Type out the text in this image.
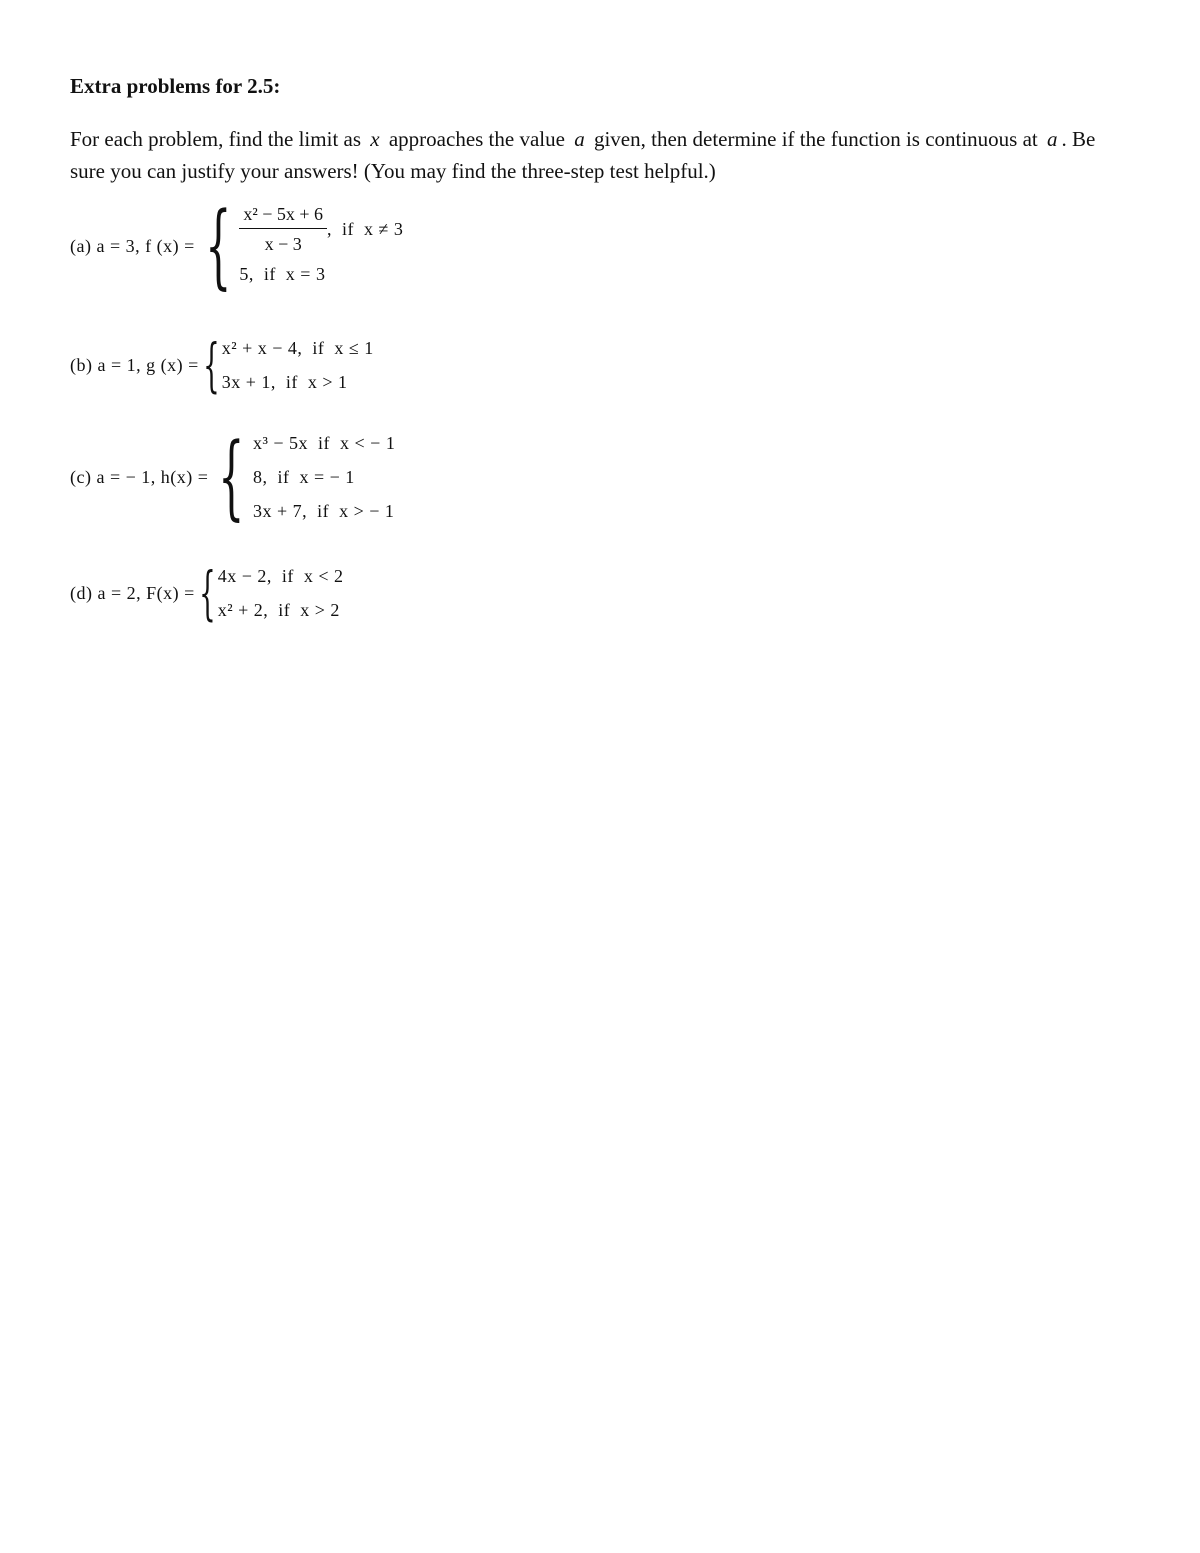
Extra problems for 2.5:
For each problem, find the limit as x approaches the value a given, then determine if the function is continuous at a . Be sure you can justify your answers! (You may find the three-step test helpful.)
(a) a = 3, f (x) = { $\frac{\text{x² − 5x + 6}}{x - 3}$ ,  if  x ≠ 3
5,  if  x = 3
(b) a = 1, g (x) = { x² + x − 4,  if  x ≤ 1
3x + 1,  if  x > 1
(c) a = − 1, h(x) = { x³ − 5x  if  x < − 1
8,  if  x = − 1
3x + 7,  if  x > − 1
(d) a = 2, F(x) = { 4x − 2,  if  x < 2
x² + 2,  if  x > 2
